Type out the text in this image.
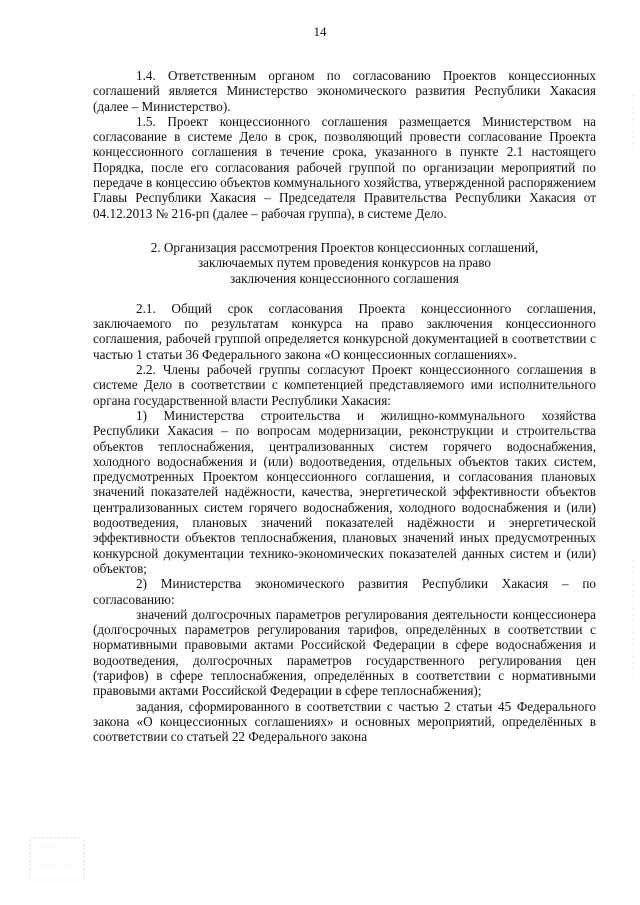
14

1.4. Ответственным органом по согласованию Проектов концессионных соглашений является Министерство экономического развития Республики Хакасия (далее – Министерство).

1.5. Проект концессионного соглашения размещается Министерством на согласование в системе Дело в срок, позволяющий провести согласование Проекта концессионного соглашения в течение срока, указанного в пункте 2.1 настоящего Порядка, после его согласования рабочей группой по организации мероприятий по передаче в концессию объектов коммунального хозяйства, утвержденной распоряжением Главы Республики Хакасия – Председателя Правительства Республики Хакасия от 04.12.2013 № 216-рп (далее – рабочая группа), в системе Дело.

2. Организация рассмотрения Проектов концессионных соглашений,
заключаемых путем проведения конкурсов на право
заключения концессионного соглашения

2.1. Общий срок согласования Проекта концессионного соглашения, заключаемого по результатам конкурса на право заключения концессионного соглашения, рабочей группой определяется конкурсной документацией в соответствии с частью 1 статьи 36 Федерального закона «О концессионных соглашениях».

2.2. Члены рабочей группы согласуют Проект концессионного соглашения в системе Дело в соответствии с компетенцией представляемого ими исполнительного органа государственной власти Республики Хакасия:

1) Министерства строительства и жилищно-коммунального хозяйства Республики Хакасия – по вопросам модернизации, реконструкции и строительства объектов теплоснабжения, централизованных систем горячего водоснабжения, холодного водоснабжения и (или) водоотведения, отдельных объектов таких систем, предусмотренных Проектом концессионного соглашения, и согласования плановых значений показателей надёжности, качества, энергетической эффективности объектов централизованных систем горячего водоснабжения, холодного водоснабжения и (или) водоотведения, плановых значений показателей надёжности и энергетической эффективности объектов теплоснабжения, плановых значений иных предусмотренных конкурсной документации технико-экономических показателей данных систем и (или) объектов;

2) Министерства экономического развития Республики Хакасия – по согласованию:

значений долгосрочных параметров регулирования деятельности концессионера (долгосрочных параметров регулирования тарифов, определённых в соответствии с нормативными правовыми актами Российской Федерации в сфере водоснабжения и водоотведения, долгосрочных параметров государственного регулирования цен (тарифов) в сфере теплоснабжения, определённых в соответствии с нормативными правовыми актами Российской Федерации в сфере теплоснабжения);

задания, сформированного в соответствии с частью 2 статьи 45 Федерального закона «О концессионных соглашениях» и основных мероприятий, определённых в соответствии со статьей 22 Федерального закона
